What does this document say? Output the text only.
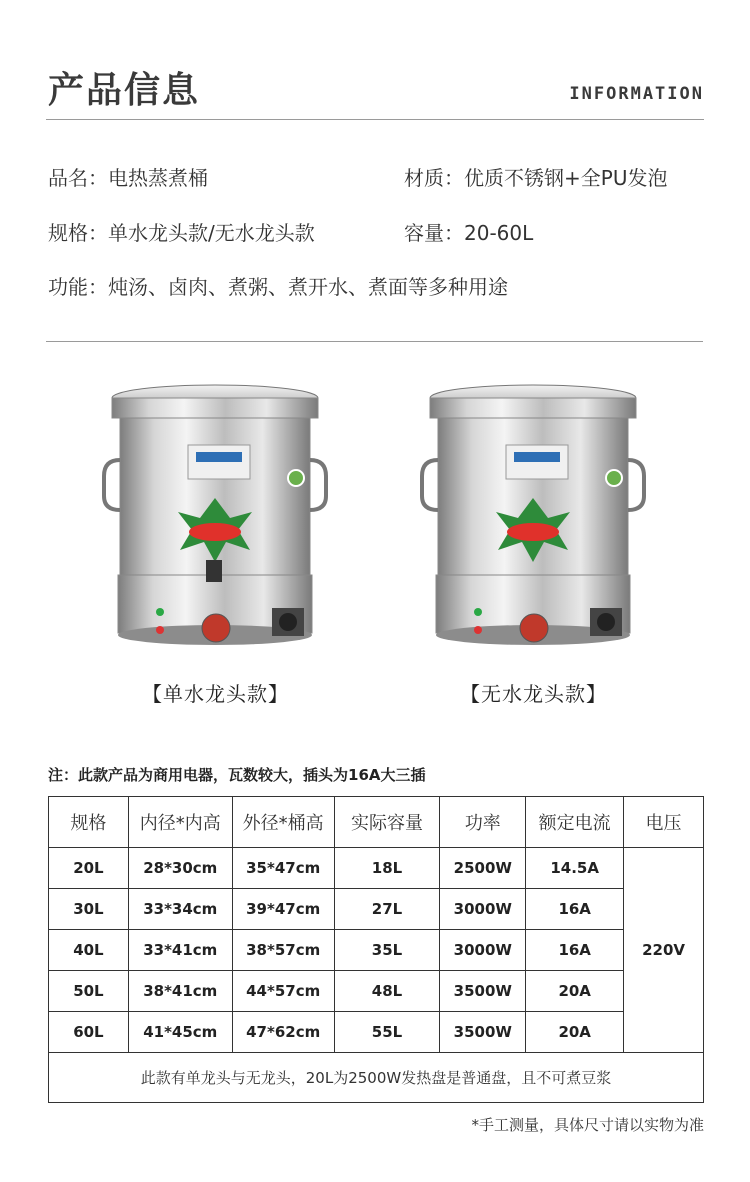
产品信息	INFORMATION
品名：电热蒸煮桶	材质：优质不锈钢+全PU发泡
规格：单水龙头款/无水龙头款	容量：20-60L
功能：炖汤、卤肉、煮粥、煮开水、煮面等多种用途
【单水龙头款】	【无水龙头款】
注：此款产品为商用电器，瓦数较大，插头为16A大三插
规格	内径*内高	外径*桶高	实际容量	功率	额定电流	电压
20L	28*30cm	35*47cm	18L	2500W	14.5A	220V
30L	33*34cm	39*47cm	27L	3000W	16A	
40L	33*41cm	38*57cm	35L	3000W	16A	
50L	38*41cm	44*57cm	48L	3500W	20A	
60L	41*45cm	47*62cm	55L	3500W	20A	
此款有单龙头与无龙头，20L为2500W发热盘是普通盘，且不可煮豆浆						
*手工测量，具体尺寸请以实物为准
